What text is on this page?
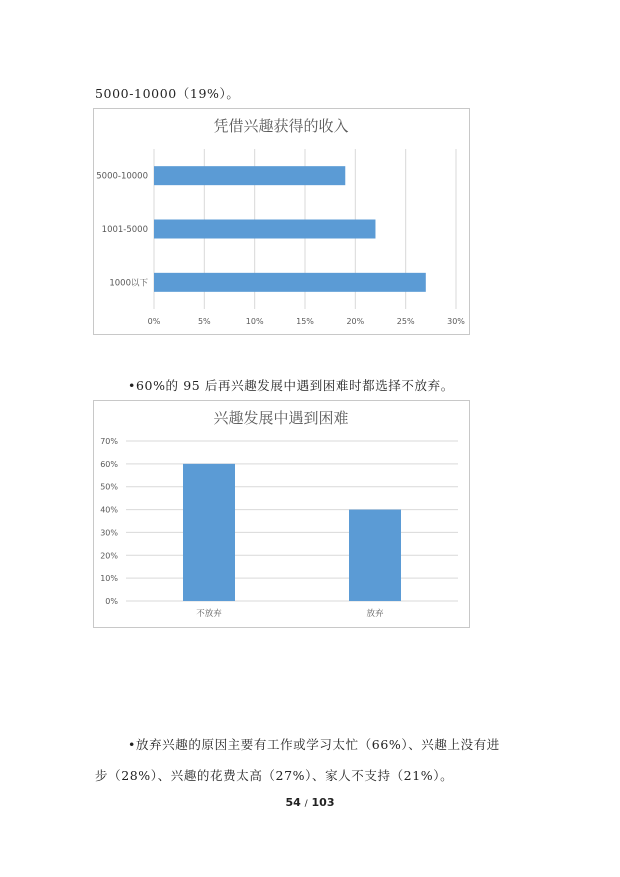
5000-10000（19%）。
凭借兴趣获得的收入
0%	5%	10%	15%	20%	25%	30%
5000-10000
1001-5000
1000以下
•60%的 95 后再兴趣发展中遇到困难时都选择不放弃。
兴趣发展中遇到困难
0%
10%
20%
30%
40%
50%
60%
70%
不放弃	放弃
•放弃兴趣的原因主要有工作或学习太忙（66%）、兴趣上没有进
步（28%）、兴趣的花费太高（27%）、家人不支持（21%）。
54 / 103
